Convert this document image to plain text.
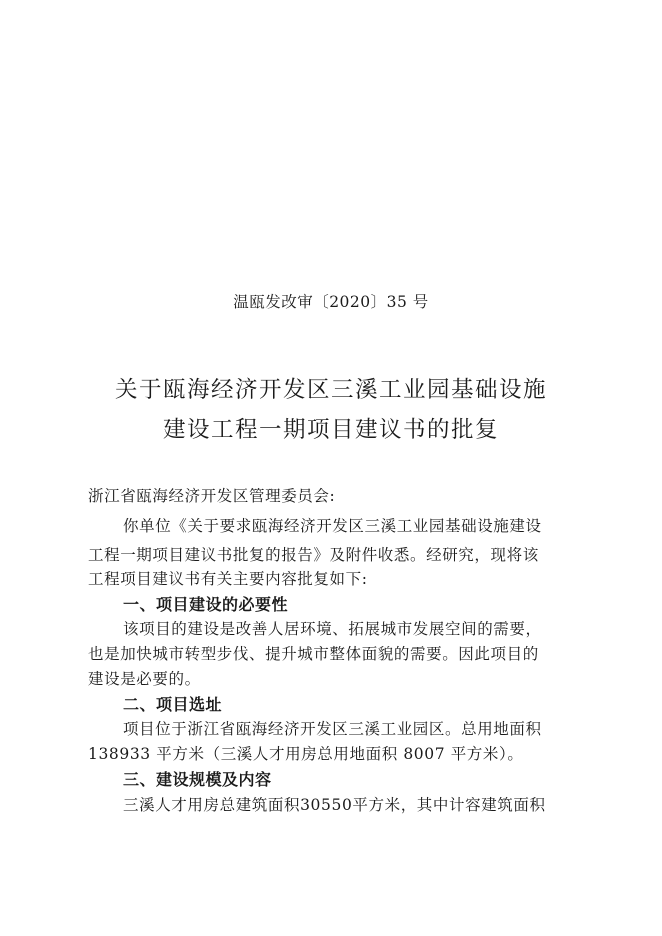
温瓯发改审〔2020〕35 号
关于瓯海经济开发区三溪工业园基础设施
建设工程一期项目建议书的批复
浙江省瓯海经济开发区管理委员会:
你单位《关于要求瓯海经济开发区三溪工业园基础设施建设
工程一期项目建议书批复的报告》及附件收悉。经研究，现将该
工程项目建议书有关主要内容批复如下:
一、项目建设的必要性
该项目的建设是改善人居环境、拓展城市发展空间的需要，
也是加快城市转型步伐、提升城市整体面貌的需要。因此项目的
建设是必要的。
二、项目选址
项目位于浙江省瓯海经济开发区三溪工业园区。总用地面积
138933 平方米（三溪人才用房总用地面积 8007 平方米）。
三、建设规模及内容
三溪人才用房总建筑面积30550平方米，其中计容建筑面积
